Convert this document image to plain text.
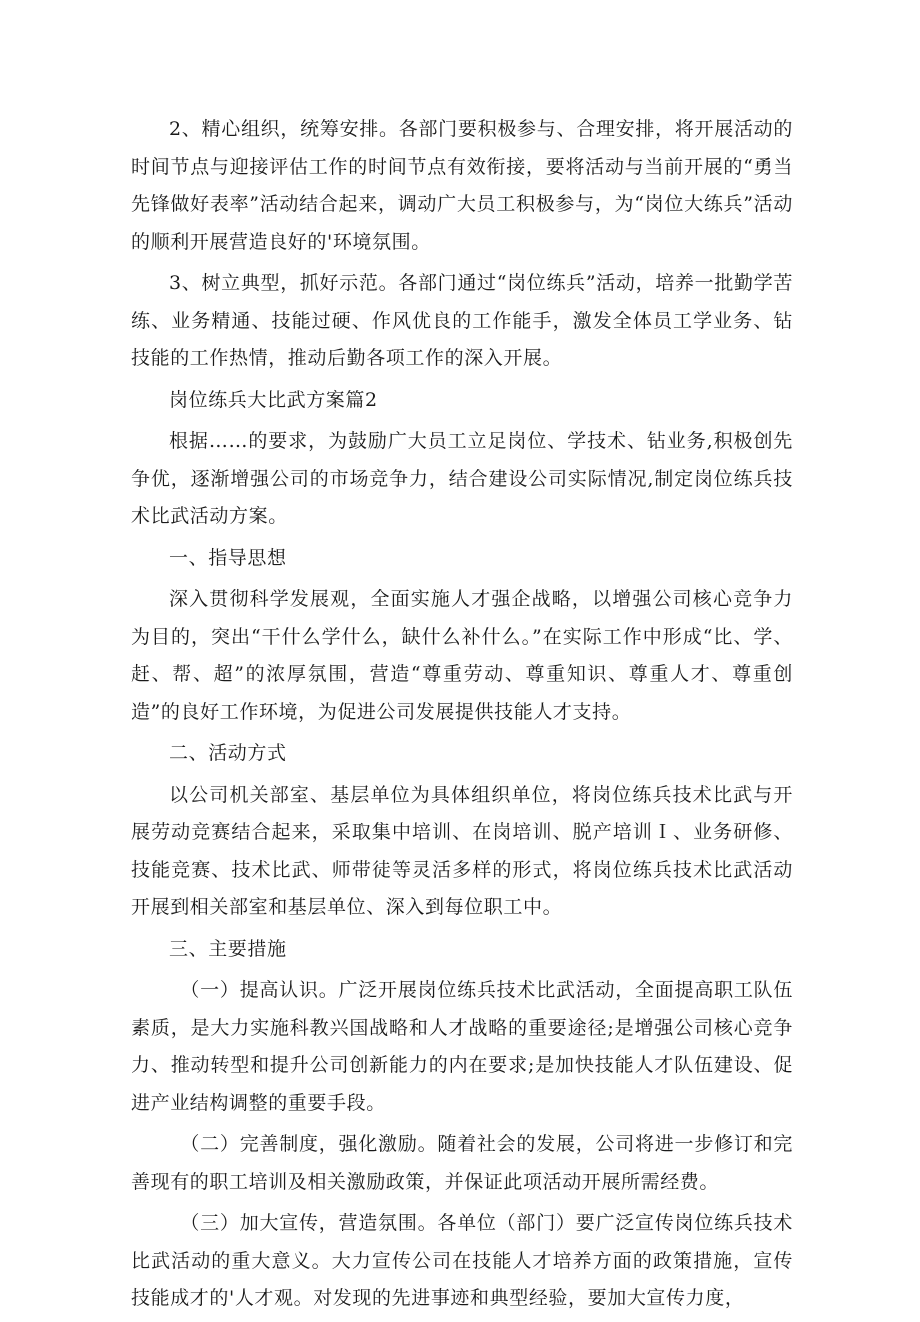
2、精心组织，统筹安排。各部门要积极参与、合理安排，将开展活动的时间节点与迎接评估工作的时间节点有效衔接，要将活动与当前开展的“勇当先锋做好表率”活动结合起来，调动广大员工积极参与，为“岗位大练兵”活动的顺利开展营造良好的'环境氛围。

3、树立典型，抓好示范。各部门通过“岗位练兵”活动，培养一批勤学苦练、业务精通、技能过硬、作风优良的工作能手，激发全体员工学业务、钻技能的工作热情，推动后勤各项工作的深入开展。

岗位练兵大比武方案篇2

根据……的要求，为鼓励广大员工立足岗位、学技术、钻业务,积极创先争优，逐渐增强公司的市场竞争力，结合建设公司实际情况,制定岗位练兵技术比武活动方案。

一、指导思想

深入贯彻科学发展观，全面实施人才强企战略，以增强公司核心竞争力为目的，突出“干什么学什么，缺什么补什么。”在实际工作中形成“比、学、赶、帮、超”的浓厚氛围，营造“尊重劳动、尊重知识、尊重人才、尊重创造”的良好工作环境，为促进公司发展提供技能人才支持。

二、活动方式

以公司机关部室、基层单位为具体组织单位，将岗位练兵技术比武与开展劳动竞赛结合起来，采取集中培训、在岗培训、脱产培训Ｉ、业务研修、技能竞赛、技术比武、师带徒等灵活多样的形式，将岗位练兵技术比武活动开展到相关部室和基层单位、深入到每位职工中。

三、主要措施

（一）提高认识。广泛开展岗位练兵技术比武活动，全面提高职工队伍素质，是大力实施科教兴国战略和人才战略的重要途径;是增强公司核心竞争力、推动转型和提升公司创新能力的内在要求;是加快技能人才队伍建设、促进产业结构调整的重要手段。

（二）完善制度，强化激励。随着社会的发展，公司将进一步修订和完善现有的职工培训及相关激励政策，并保证此项活动开展所需经费。

（三）加大宣传，营造氛围。各单位（部门）要广泛宣传岗位练兵技术比武活动的重大意义。大力宣传公司在技能人才培养方面的政策措施，宣传技能成才的'人才观。对发现的先进事迹和典型经验，要加大宣传力度，
